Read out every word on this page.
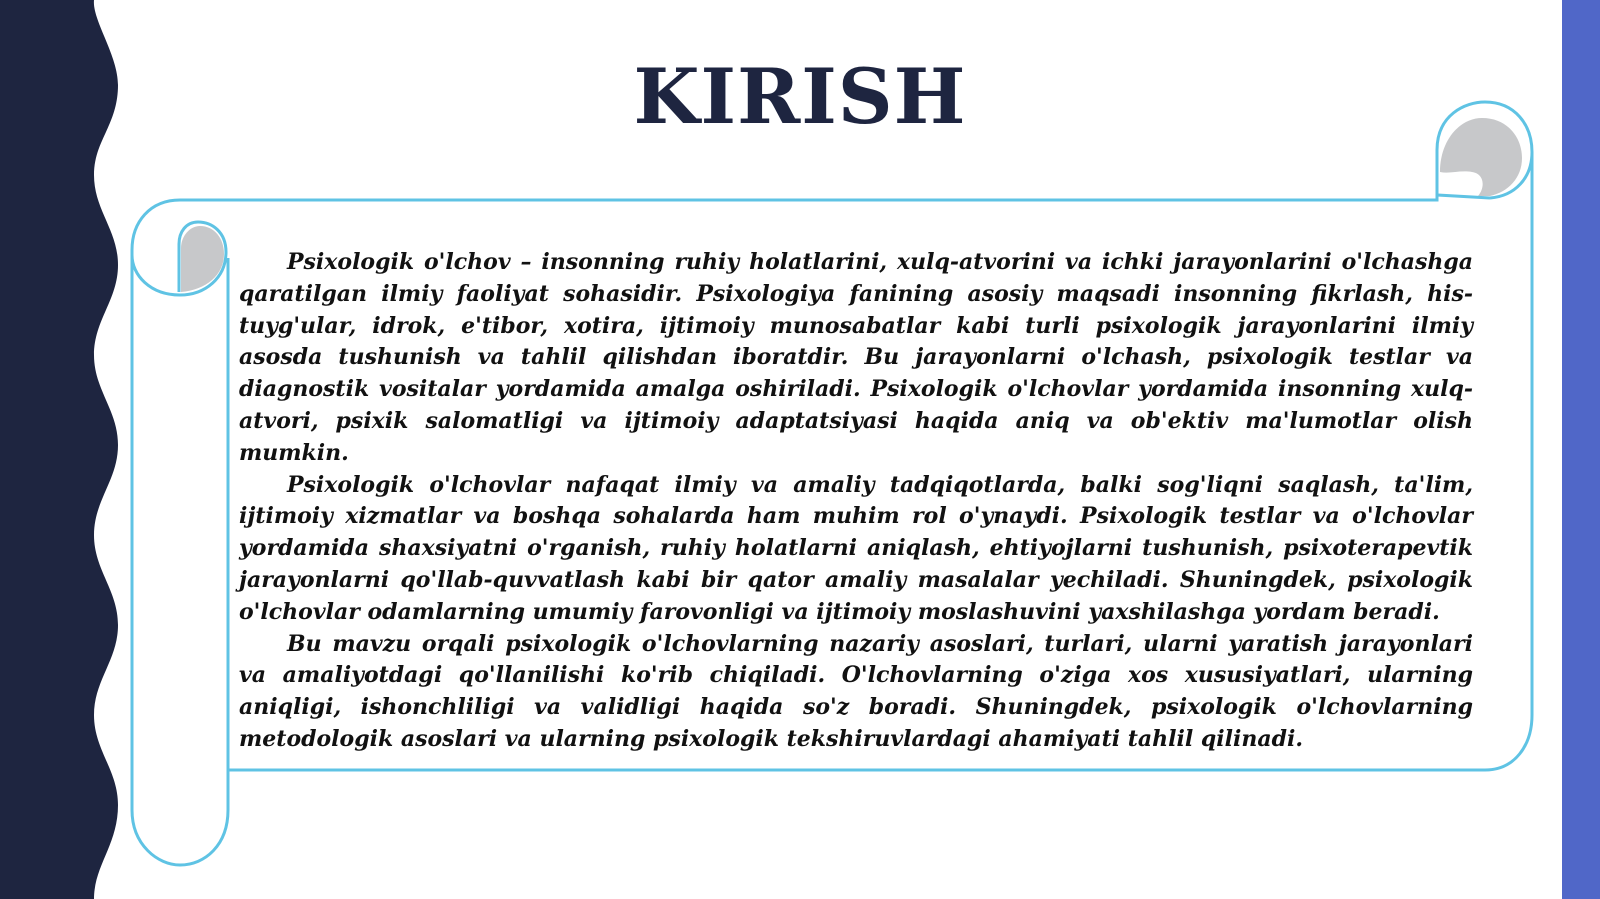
KIRISH

Psixologik o'lchov – insonning ruhiy holatlarini, xulq-atvorini va ichki jarayonlarini o'lchashga qaratilgan ilmiy faoliyat sohasidir. Psixologiya fanining asosiy maqsadi insonning fikrlash, his-tuyg'ular, idrok, e'tibor, xotira, ijtimoiy munosabatlar kabi turli psixologik jarayonlarini ilmiy asosda tushunish va tahlil qilishdan iboratdir. Bu jarayonlarni o'lchash, psixologik testlar va diagnostik vositalar yordamida amalga oshiriladi. Psixologik o'lchovlar yordamida insonning xulq-atvori, psixik salomatligi va ijtimoiy adaptatsiyasi haqida aniq va ob'ektiv ma'lumotlar olish mumkin.

Psixologik o'lchovlar nafaqat ilmiy va amaliy tadqiqotlarda, balki sog'liqni saqlash, ta'lim, ijtimoiy xizmatlar va boshqa sohalarda ham muhim rol o'ynaydi. Psixologik testlar va o'lchovlar yordamida shaxsiyatni o'rganish, ruhiy holatlarni aniqlash, ehtiyojlarni tushunish, psixoterapevtik jarayonlarni qo'llab-quvvatlash kabi bir qator amaliy masalalar yechiladi. Shuningdek, psixologik o'lchovlar odamlarning umumiy farovonligi va ijtimoiy moslashuvini yaxshilashga yordam beradi.

Bu mavzu orqali psixologik o'lchovlarning nazariy asoslari, turlari, ularni yaratish jarayonlari va amaliyotdagi qo'llanilishi ko'rib chiqiladi. O'lchovlarning o'ziga xos xususiyatlari, ularning aniqligi, ishonchliligi va validligi haqida so'z boradi. Shuningdek, psixologik o'lchovlarning metodologik asoslari va ularning psixologik tekshiruvlardagi ahamiyati tahlil qilinadi.
